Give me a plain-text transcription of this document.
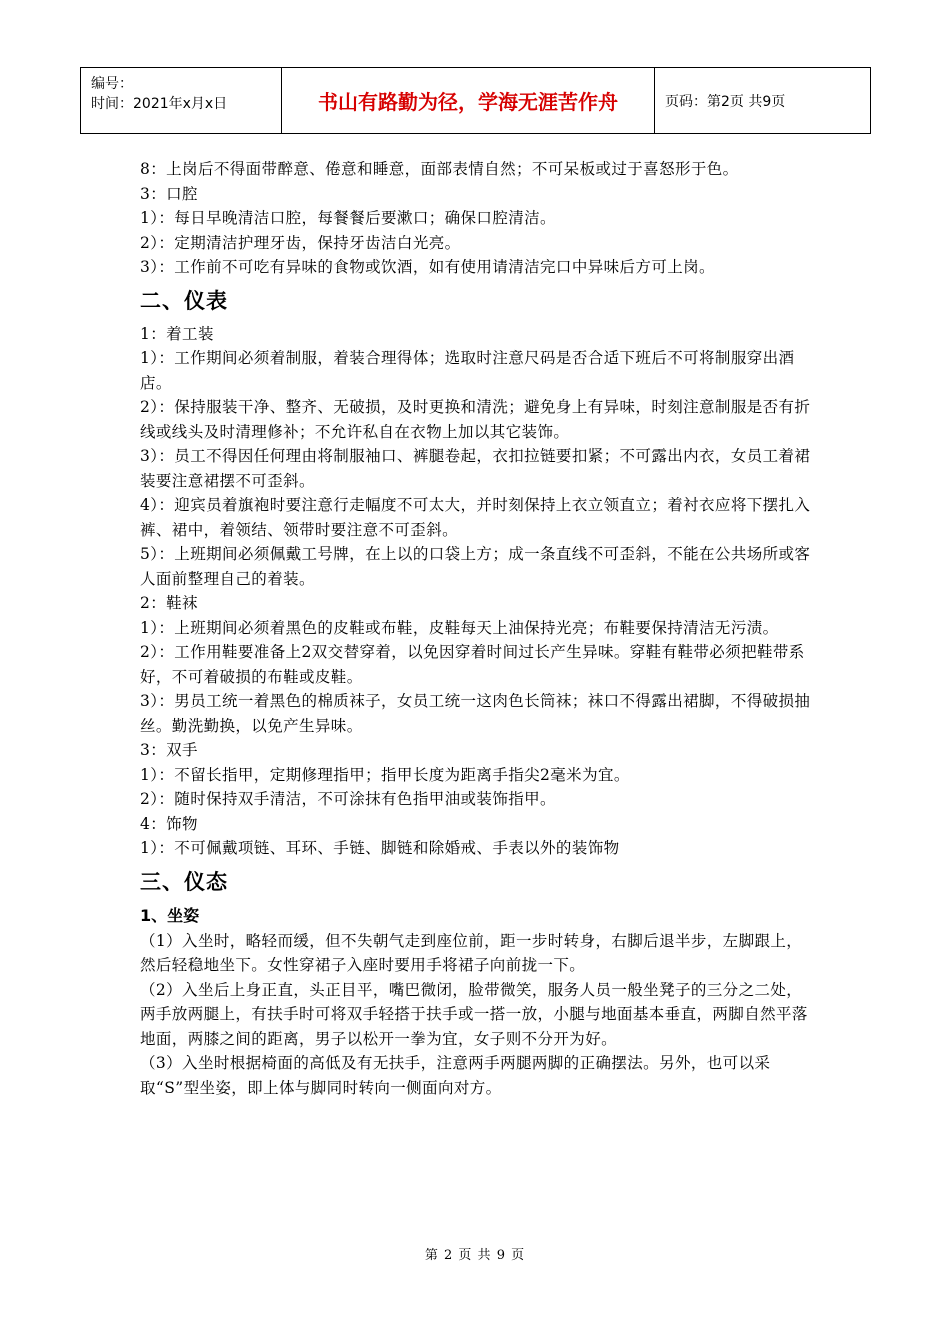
编号：
时间：2021年x月x日	书山有路勤为径，学海无涯苦作舟	页码：第2页 共9页

8：上岗后不得面带醉意、倦意和睡意，面部表情自然；不可呆板或过于喜怒形于色。

3：口腔

1）：每日早晚清洁口腔，每餐餐后要漱口；确保口腔清洁。

2）：定期清洁护理牙齿，保持牙齿洁白光亮。

3）：工作前不可吃有异味的食物或饮酒，如有使用请清洁完口中异味后方可上岗。

二、仪表

1：着工装

1）：工作期间必须着制服，着装合理得体；选取时注意尺码是否合适下班后不可将制服穿出酒店。

2）：保持服装干净、整齐、无破损，及时更换和清洗；避免身上有异味，时刻注意制服是否有折线或线头及时清理修补；不允许私自在衣物上加以其它装饰。

3）：员工不得因任何理由将制服袖口、裤腿卷起，衣扣拉链要扣紧；不可露出内衣，女员工着裙装要注意裙摆不可歪斜。

4）：迎宾员着旗袍时要注意行走幅度不可太大，并时刻保持上衣立领直立；着衬衣应将下摆扎入裤、裙中，着领结、领带时要注意不可歪斜。

5）：上班期间必须佩戴工号牌，在上以的口袋上方；成一条直线不可歪斜，不能在公共场所或客人面前整理自己的着装。

2：鞋袜

1）：上班期间必须着黑色的皮鞋或布鞋，皮鞋每天上油保持光亮；布鞋要保持清洁无污渍。

2）：工作用鞋要准备上2双交替穿着，以免因穿着时间过长产生异味。穿鞋有鞋带必须把鞋带系好，不可着破损的布鞋或皮鞋。

3）：男员工统一着黑色的棉质袜子，女员工统一这肉色长筒袜；袜口不得露出裙脚，不得破损抽丝。勤洗勤换，以免产生异味。

3：双手

1）：不留长指甲，定期修理指甲；指甲长度为距离手指尖2毫米为宜。

2）：随时保持双手清洁，不可涂抹有色指甲油或装饰指甲。

4：饰物

1）：不可佩戴项链、耳环、手链、脚链和除婚戒、手表以外的装饰物

三、仪态

1、坐姿

（1）入坐时，略轻而缓，但不失朝气走到座位前，距一步时转身，右脚后退半步，左脚跟上，然后轻稳地坐下。女性穿裙子入座时要用手将裙子向前拢一下。

（2）入坐后上身正直，头正目平，嘴巴微闭，脸带微笑，服务人员一般坐凳子的三分之二处，两手放两腿上，有扶手时可将双手轻搭于扶手或一搭一放，小腿与地面基本垂直，两脚自然平落地面，两膝之间的距离，男子以松开一拳为宜，女子则不分开为好。

（3）入坐时根据椅面的高低及有无扶手，注意两手两腿两脚的正确摆法。另外，也可以采取“S”型坐姿，即上体与脚同时转向一侧面向对方。

第 2 页 共 9 页
